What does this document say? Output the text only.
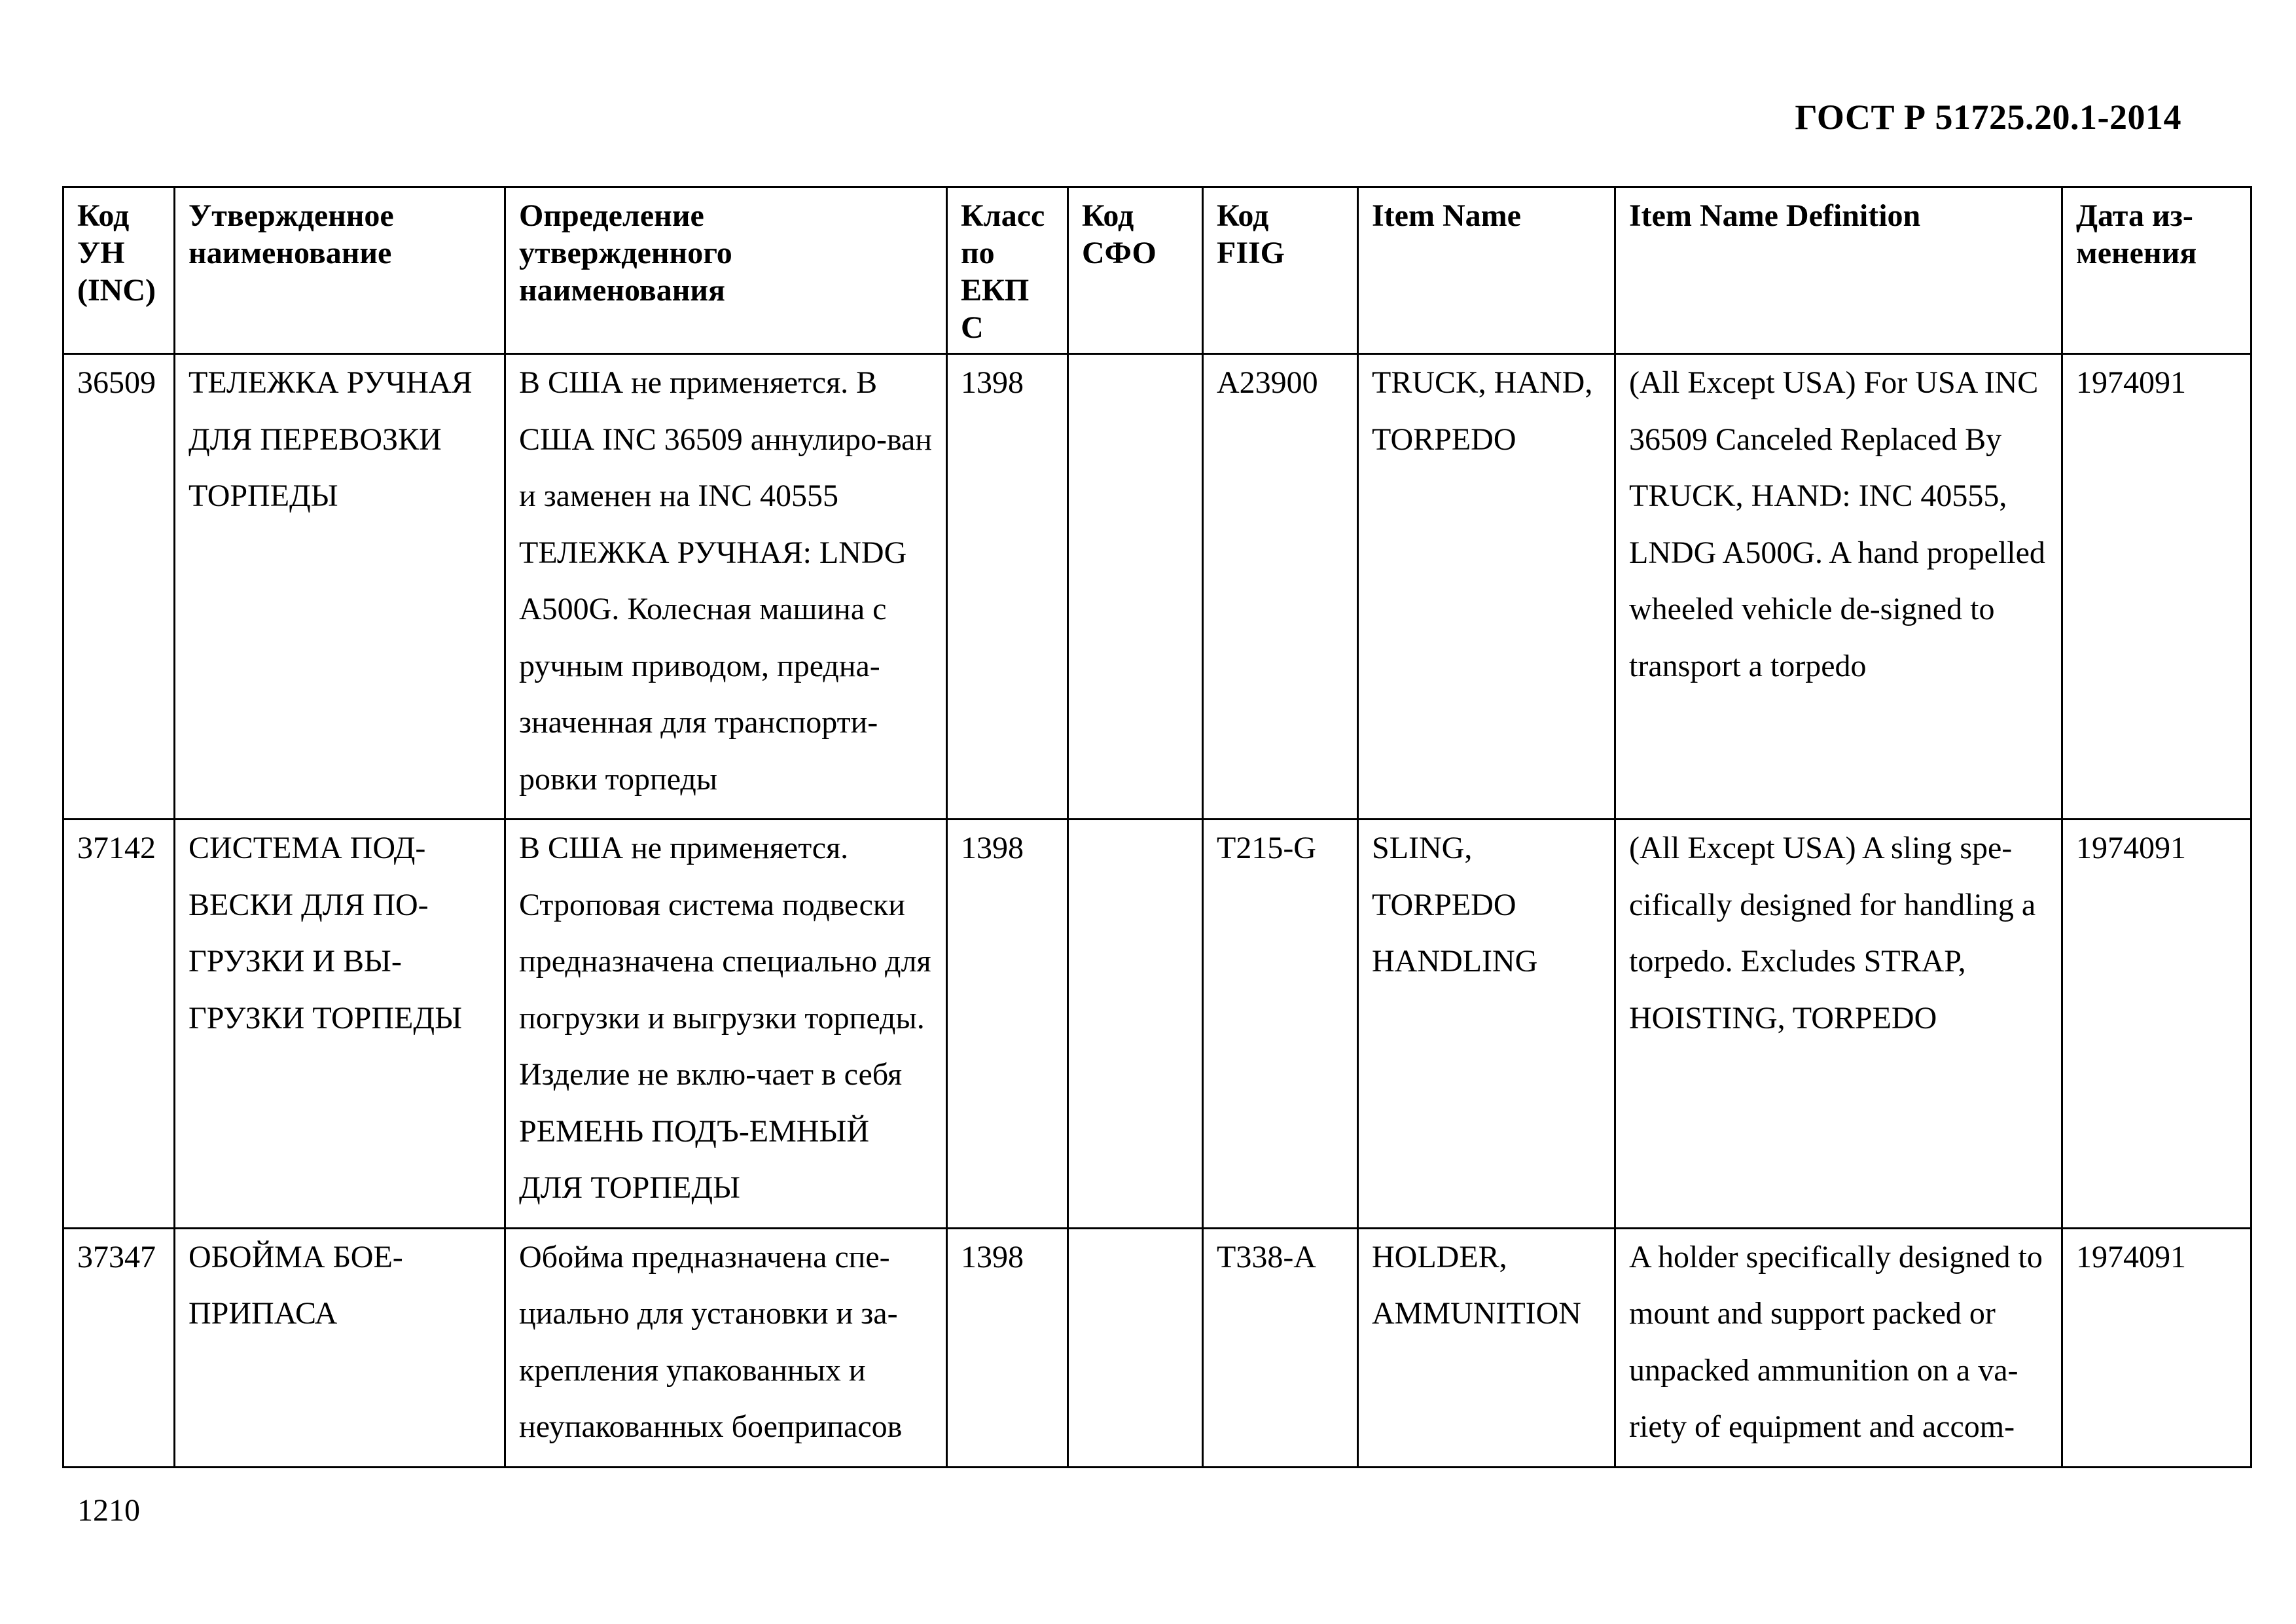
ГОСТ Р 51725.20.1-2014
Код
УН
(INC)	Утвержденное
наименование	Определение
утвержденного
наименования	Класс
по
ЕКП
С	Код
СФО	Код
FIIG	Item Name	Item Name Definition	Дата из-
менения

36509	ТЕЛЕЖКА РУЧНАЯ ДЛЯ ПЕРЕВОЗКИ ТОРПЕДЫ	В США не применяется. В США INC 36509 аннулиро-ван и заменен на INC 40555 ТЕЛЕЖКА РУЧНАЯ: LNDG A500G. Колесная машина с ручным приводом, предна-значенная для транспорти-ровки торпеды	1398		A23900	TRUCK, HAND, TORPEDO	(All Except USA) For USA INC 36509 Canceled Replaced By TRUCK, HAND: INC 40555, LNDG A500G. A hand propelled wheeled vehicle de-signed to transport a torpedo	1974091
37142	СИСТЕМА ПОД-ВЕСКИ ДЛЯ ПО-ГРУЗКИ И ВЫ-ГРУЗКИ ТОРПЕДЫ	В США не применяется. Строповая система подвески предназначена специально для погрузки и выгрузки торпеды. Изделие не вклю-чает в себя РЕМЕНЬ ПОДЪ-ЕМНЫЙ ДЛЯ ТОРПЕДЫ	1398		T215-G	SLING, TORPEDO HANDLING	(All Except USA) A sling spe-cifically designed for handling a torpedo. Excludes STRAP, HOISTING, TORPEDO	1974091
37347	ОБОЙМА БОЕ-ПРИПАСА	Обойма предназначена спе-циально для установки и за-крепления упакованных и неупакованных боеприпасов	1398		T338-A	HOLDER, AMMUNITION	A holder specifically designed to mount and support packed or unpacked ammunition on a va-riety of equipment and accom-	1974091
1210
